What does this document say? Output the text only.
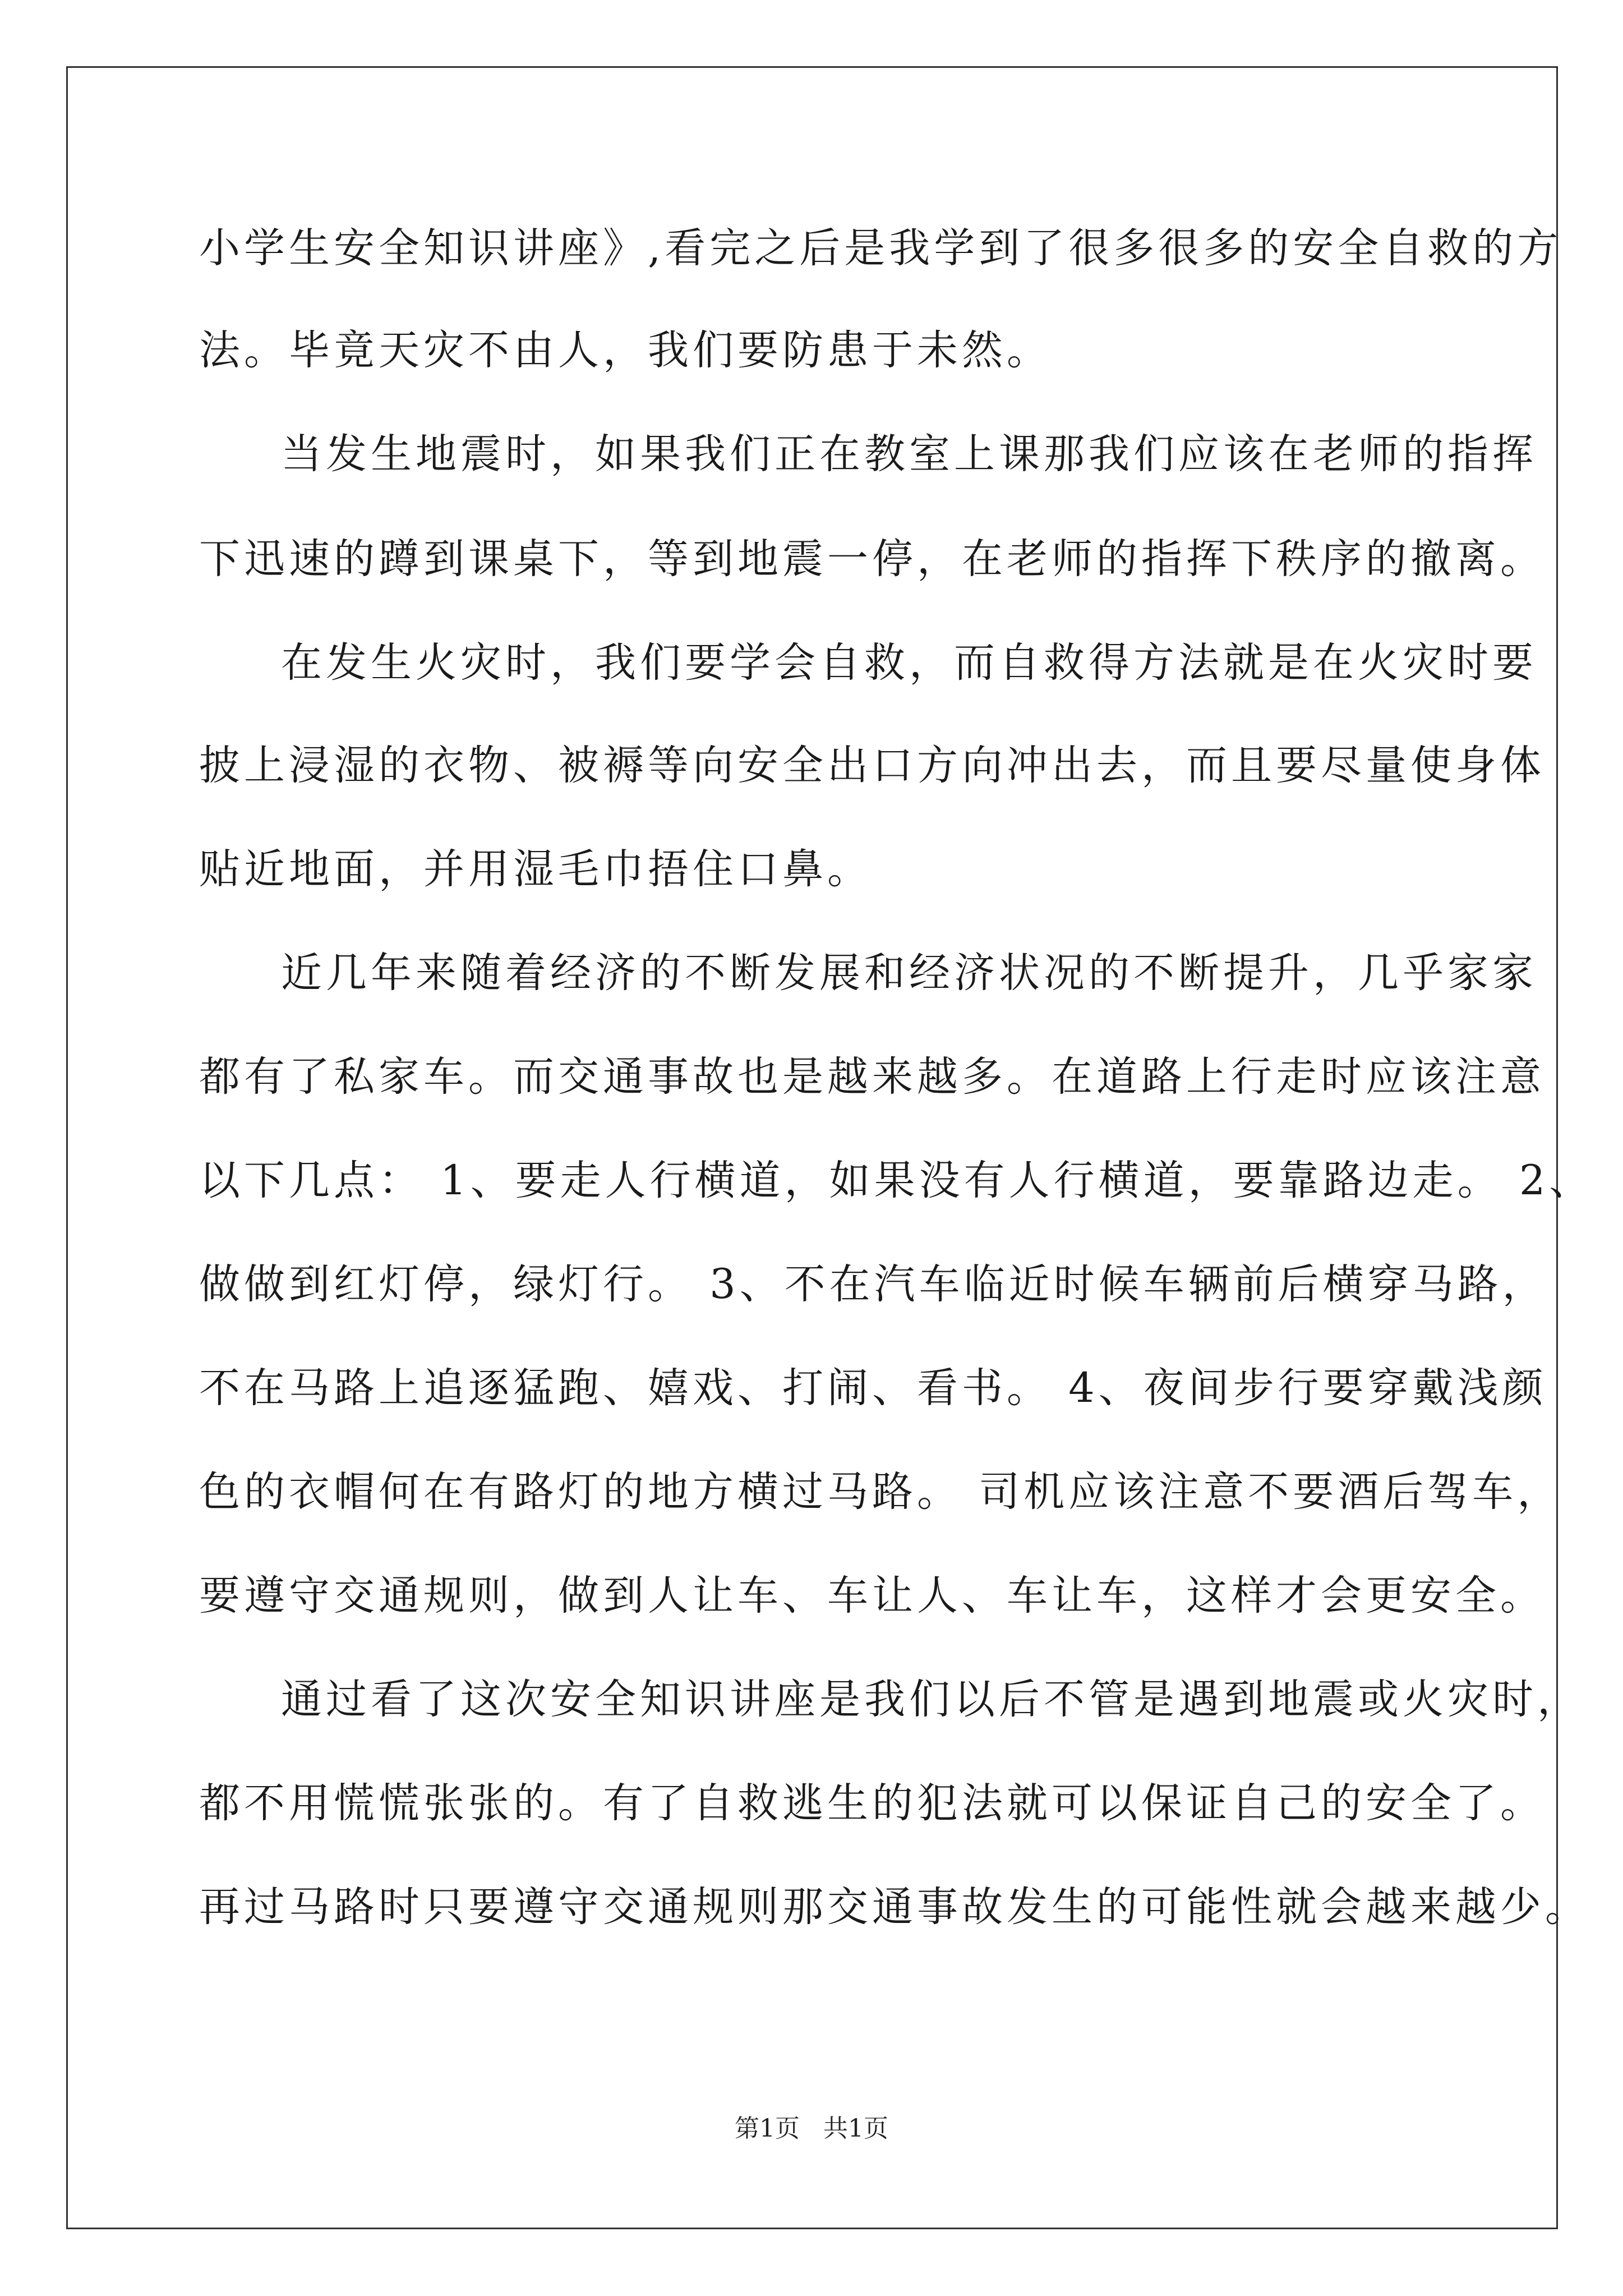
小学生安全知识讲座》,看完之后是我学到了很多很多的安全自救的方
法。毕竟天灾不由人，我们要防患于未然。
当发生地震时，如果我们正在教室上课那我们应该在老师的指挥
下迅速的蹲到课桌下，等到地震一停，在老师的指挥下秩序的撤离。
在发生火灾时，我们要学会自救，而自救得方法就是在火灾时要
披上浸湿的衣物、被褥等向安全出口方向冲出去，而且要尽量使身体
贴近地面，并用湿毛巾捂住口鼻。
近几年来随着经济的不断发展和经济状况的不断提升，几乎家家
都有了私家车。而交通事故也是越来越多。在道路上行走时应该注意
以下几点： 1、要走人行横道，如果没有人行横道，要靠路边走。 2、
做做到红灯停，绿灯行。 3、不在汽车临近时候车辆前后横穿马路，
不在马路上追逐猛跑、嬉戏、打闹、看书。 4、夜间步行要穿戴浅颜
色的衣帽何在有路灯的地方横过马路。 司机应该注意不要酒后驾车，
要遵守交通规则，做到人让车、车让人、车让车，这样才会更安全。
通过看了这次安全知识讲座是我们以后不管是遇到地震或火灾时，
都不用慌慌张张的。有了自救逃生的犯法就可以保证自己的安全了。
再过马路时只要遵守交通规则那交通事故发生的可能性就会越来越少。
第1页   共1页
